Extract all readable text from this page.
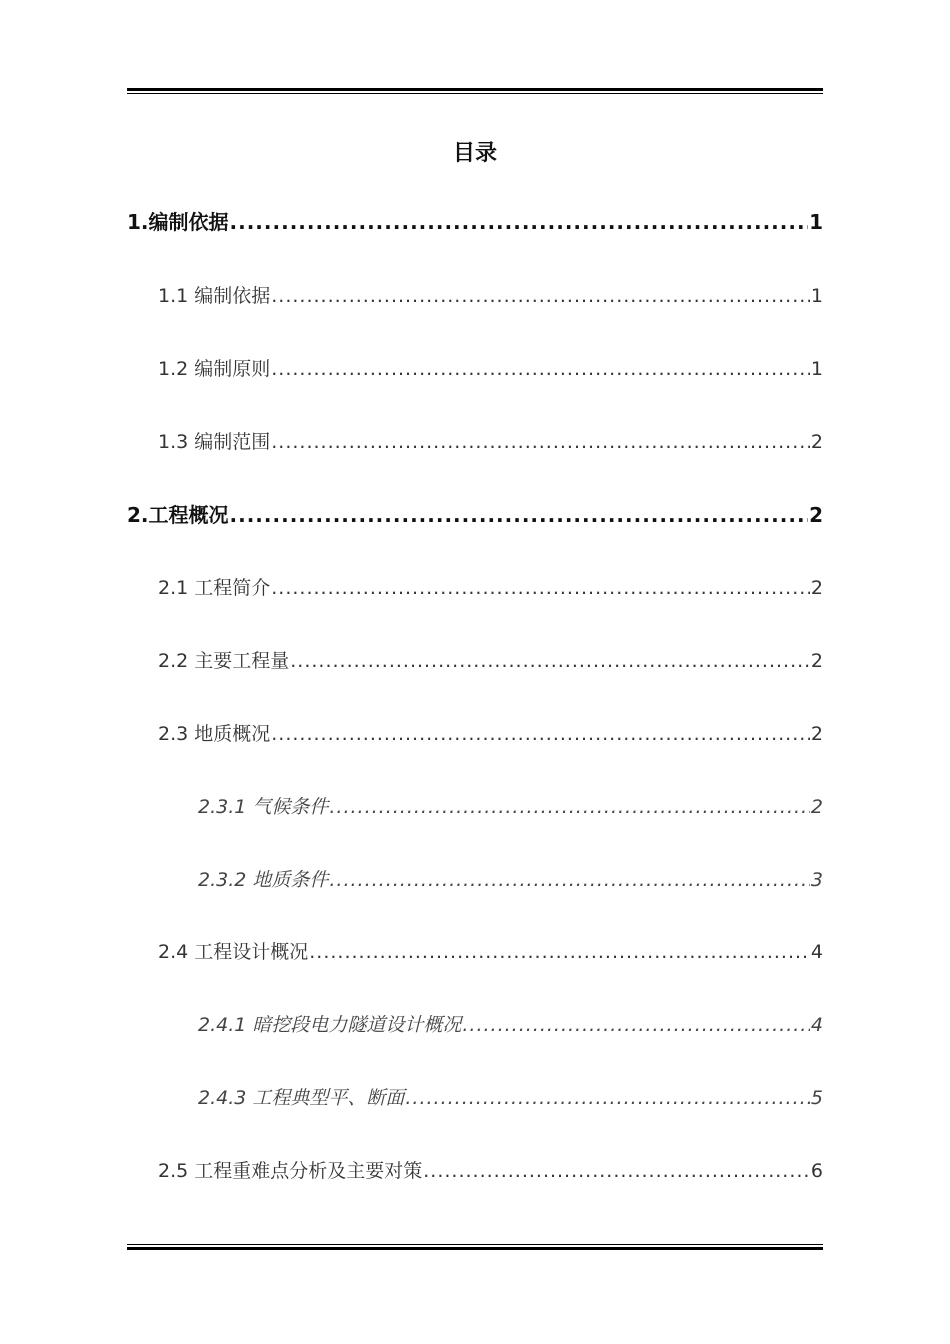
目录
1.编制依据 .....	1
1.1 编制依据 .....	1
1.2 编制原则 .....	1
1.3 编制范围 .....	2
2.工程概况 .....	2
2.1 工程简介 .....	2
2.2 主要工程量 .....	2
2.3 地质概况 .....	2
2.3.1 气候条件 .....	2
2.3.2 地质条件 .....	3
2.4 工程设计概况 .....	4
2.4.1 暗挖段电力隧道设计概况 .....	4
2.4.3 工程典型平、断面 .....	5
2.5 工程重难点分析及主要对策 .....	6
